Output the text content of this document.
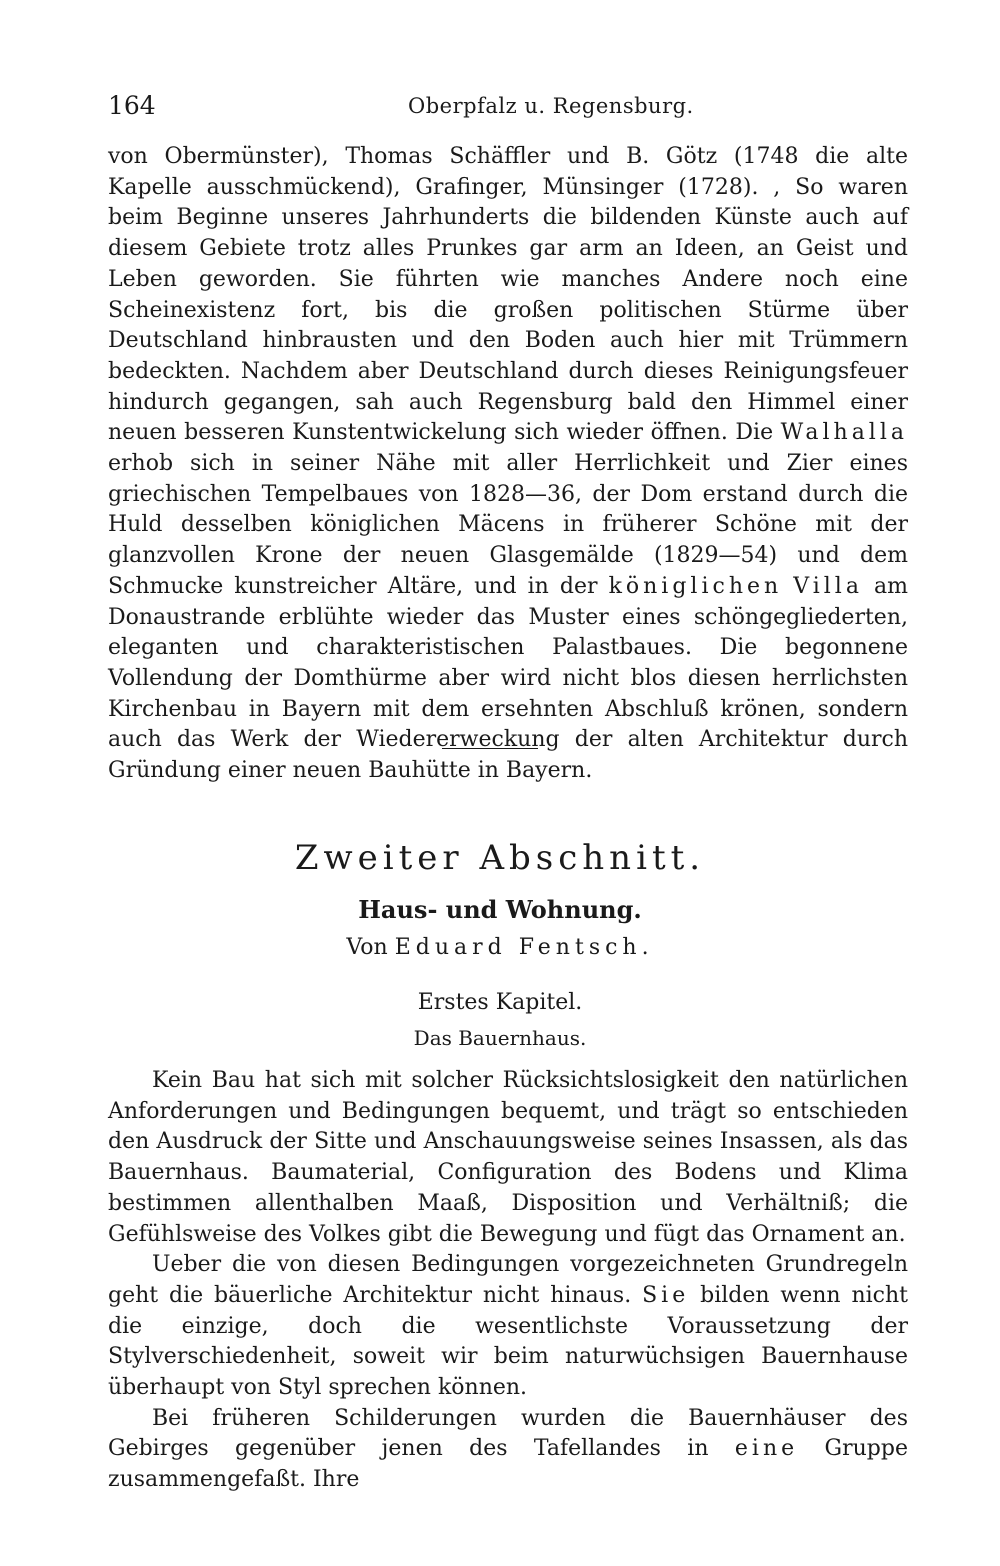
164	Oberpfalz u. Regensburg.

von Obermünster), Thomas Schäffler und B. Götz (1748 die alte Kapelle ausschmückend), Grafinger, Münsinger (1728). , So waren beim Beginne unseres Jahrhunderts die bildenden Künste auch auf diesem Gebiete trotz alles Prunkes gar arm an Ideen, an Geist und Leben geworden. Sie führten wie manches Andere noch eine Scheinexistenz fort, bis die großen politischen Stürme über Deutschland hinbrausten und den Boden auch hier mit Trümmern bedeckten. Nachdem aber Deutschland durch dieses Reinigungsfeuer hindurch gegangen, sah auch Regensburg bald den Himmel einer neuen besseren Kunstentwickelung sich wieder öffnen. Die Walhalla erhob sich in seiner Nähe mit aller Herrlichkeit und Zier eines griechischen Tempelbaues von 1828—36, der Dom erstand durch die Huld desselben königlichen Mäcens in früherer Schöne mit der glanzvollen Krone der neuen Glasgemälde (1829—54) und dem Schmucke kunstreicher Altäre, und in der königlichen Villa am Donaustrande erblühte wieder das Muster eines schöngegliederten, eleganten und charakteristischen Palastbaues. Die begonnene Vollendung der Domthürme aber wird nicht blos diesen herrlichsten Kirchenbau in Bayern mit dem ersehnten Abschluß krönen, sondern auch das Werk der Wiedererweckung der alten Architektur durch Gründung einer neuen Bauhütte in Bayern.

Zweiter Abschnitt.
Haus- und Wohnung.
Von Eduard Fentsch.
Erstes Kapitel.
Das Bauernhaus.

Kein Bau hat sich mit solcher Rücksichtslosigkeit den natürlichen Anforderungen und Bedingungen bequemt, und trägt so entschieden den Ausdruck der Sitte und Anschauungsweise seines Insassen, als das Bauernhaus. Baumaterial, Configuration des Bodens und Klima bestimmen allenthalben Maaß, Disposition und Verhältniß; die Gefühlsweise des Volkes gibt die Bewegung und fügt das Ornament an.

Ueber die von diesen Bedingungen vorgezeichneten Grundregeln geht die bäuerliche Architektur nicht hinaus. Sie bilden wenn nicht die einzige, doch die wesentlichste Voraussetzung der Stylverschiedenheit, soweit wir beim naturwüchsigen Bauernhause überhaupt von Styl sprechen können.

Bei früheren Schilderungen wurden die Bauernhäuser des Gebirges gegenüber jenen des Tafellandes in eine Gruppe zusammengefaßt. Ihre
